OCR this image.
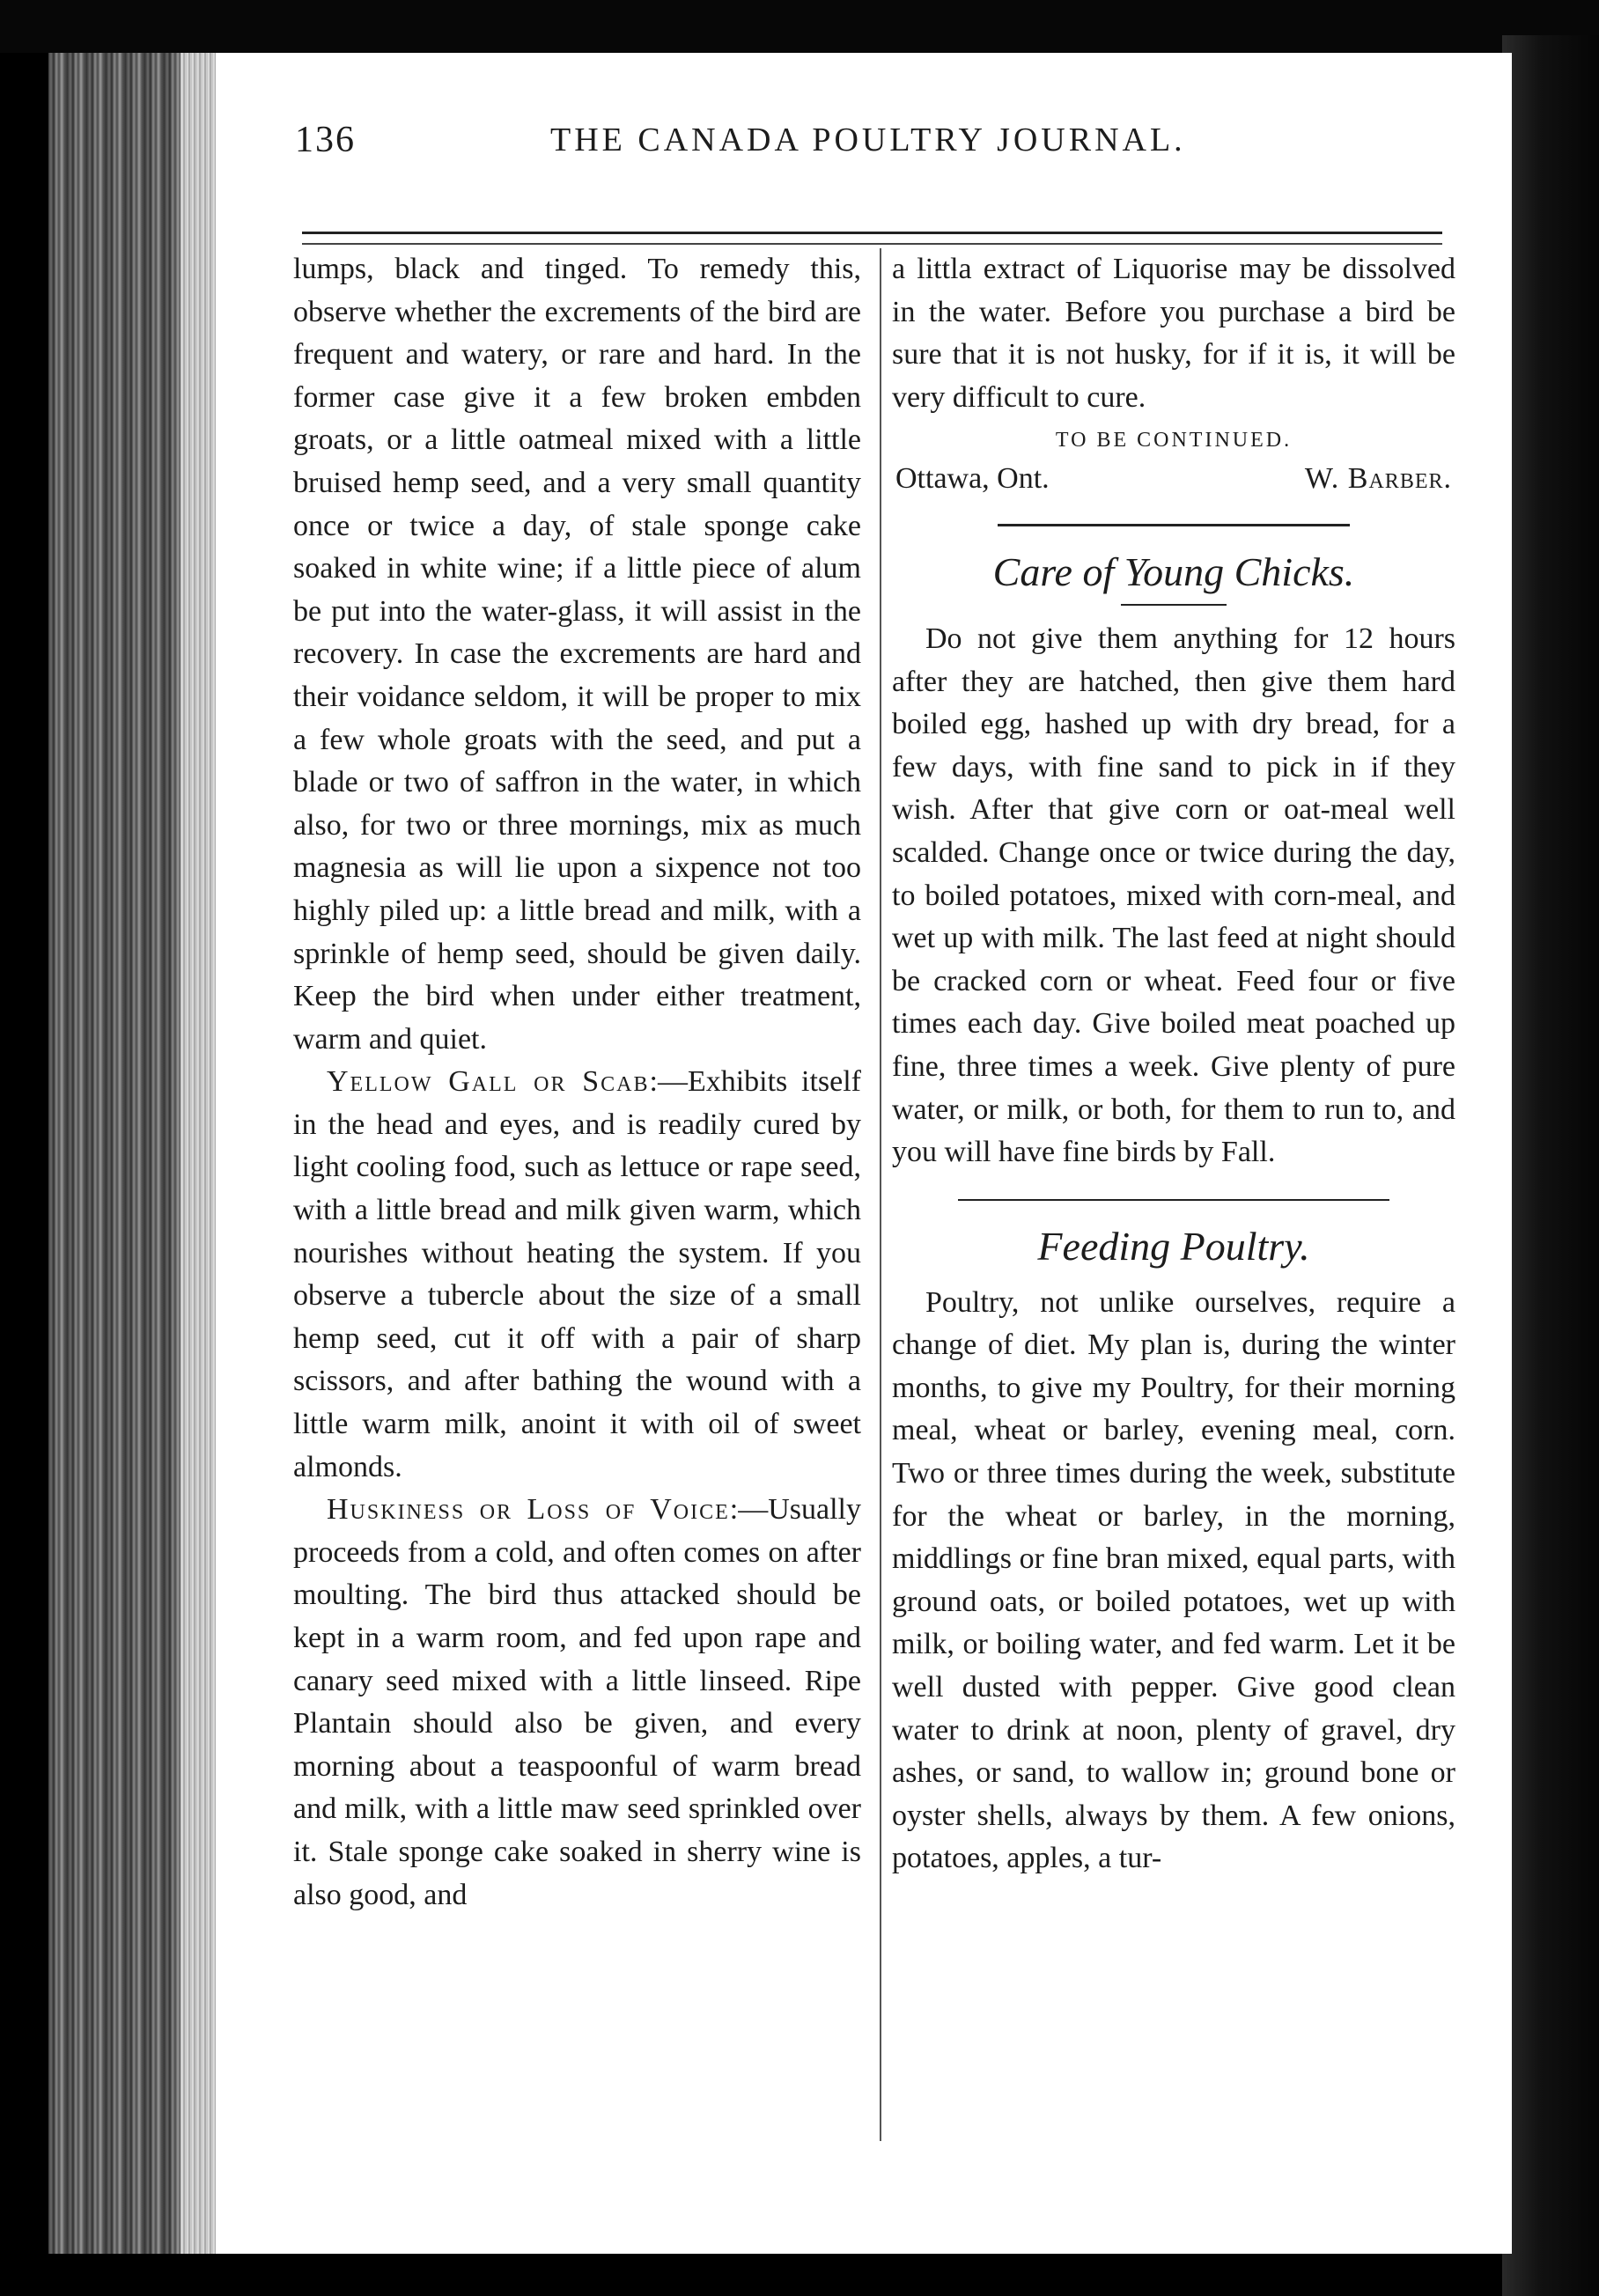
136	THE CANADA POULTRY JOURNAL.

lumps, black and tinged. To remedy this, observe whether the excrements of the bird are frequent and watery, or rare and hard. In the former case give it a few broken embden groats, or a little oatmeal mixed with a little bruised hemp seed, and a very small quantity once or twice a day, of stale sponge cake soaked in white wine; if a little piece of alum be put into the water-glass, it will assist in the recovery. In case the excrements are hard and their voidance seldom, it will be proper to mix a few whole groats with the seed, and put a blade or two of saffron in the water, in which also, for two or three mornings, mix as much magnesia as will lie upon a sixpence not too highly piled up: a little bread and milk, with a sprinkle of hemp seed, should be given daily. Keep the bird when under either treatment, warm and quiet.

Yellow Gall or Scab:—Exhibits itself in the head and eyes, and is readily cured by light cooling food, such as lettuce or rape seed, with a little bread and milk given warm, which nourishes without heating the system. If you observe a tubercle about the size of a small hemp seed, cut it off with a pair of sharp scissors, and after bathing the wound with a little warm milk, anoint it with oil of sweet almonds.

Huskiness or Loss of Voice:—Usually proceeds from a cold, and often comes on after moulting. The bird thus attacked should be kept in a warm room, and fed upon rape and canary seed mixed with a little linseed. Ripe Plantain should also be given, and every morning about a teaspoonful of warm bread and milk, with a little maw seed sprinkled over it. Stale sponge cake soaked in sherry wine is also good, and

a littla extract of Liquorise may be dissolved in the water. Before you purchase a bird be sure that it is not husky, for if it is, it will be very difficult to cure.

TO BE CONTINUED.
Ottawa, Ont.	W. Barber.
Care of Young Chicks.

Do not give them anything for 12 hours after they are hatched, then give them hard boiled egg, hashed up with dry bread, for a few days, with fine sand to pick in if they wish. After that give corn or oat-meal well scalded. Change once or twice during the day, to boiled potatoes, mixed with corn-meal, and wet up with milk. The last feed at night should be cracked corn or wheat. Feed four or five times each day. Give boiled meat poached up fine, three times a week. Give plenty of pure water, or milk, or both, for them to run to, and you will have fine birds by Fall.

Feeding Poultry.

Poultry, not unlike ourselves, require a change of diet. My plan is, during the winter months, to give my Poultry, for their morning meal, wheat or barley, evening meal, corn. Two or three times during the week, substitute for the wheat or barley, in the morning, middlings or fine bran mixed, equal parts, with ground oats, or boiled potatoes, wet up with milk, or boiling water, and fed warm. Let it be well dusted with pepper. Give good clean water to drink at noon, plenty of gravel, dry ashes, or sand, to wallow in; ground bone or oyster shells, always by them. A few onions, potatoes, apples, a tur-
